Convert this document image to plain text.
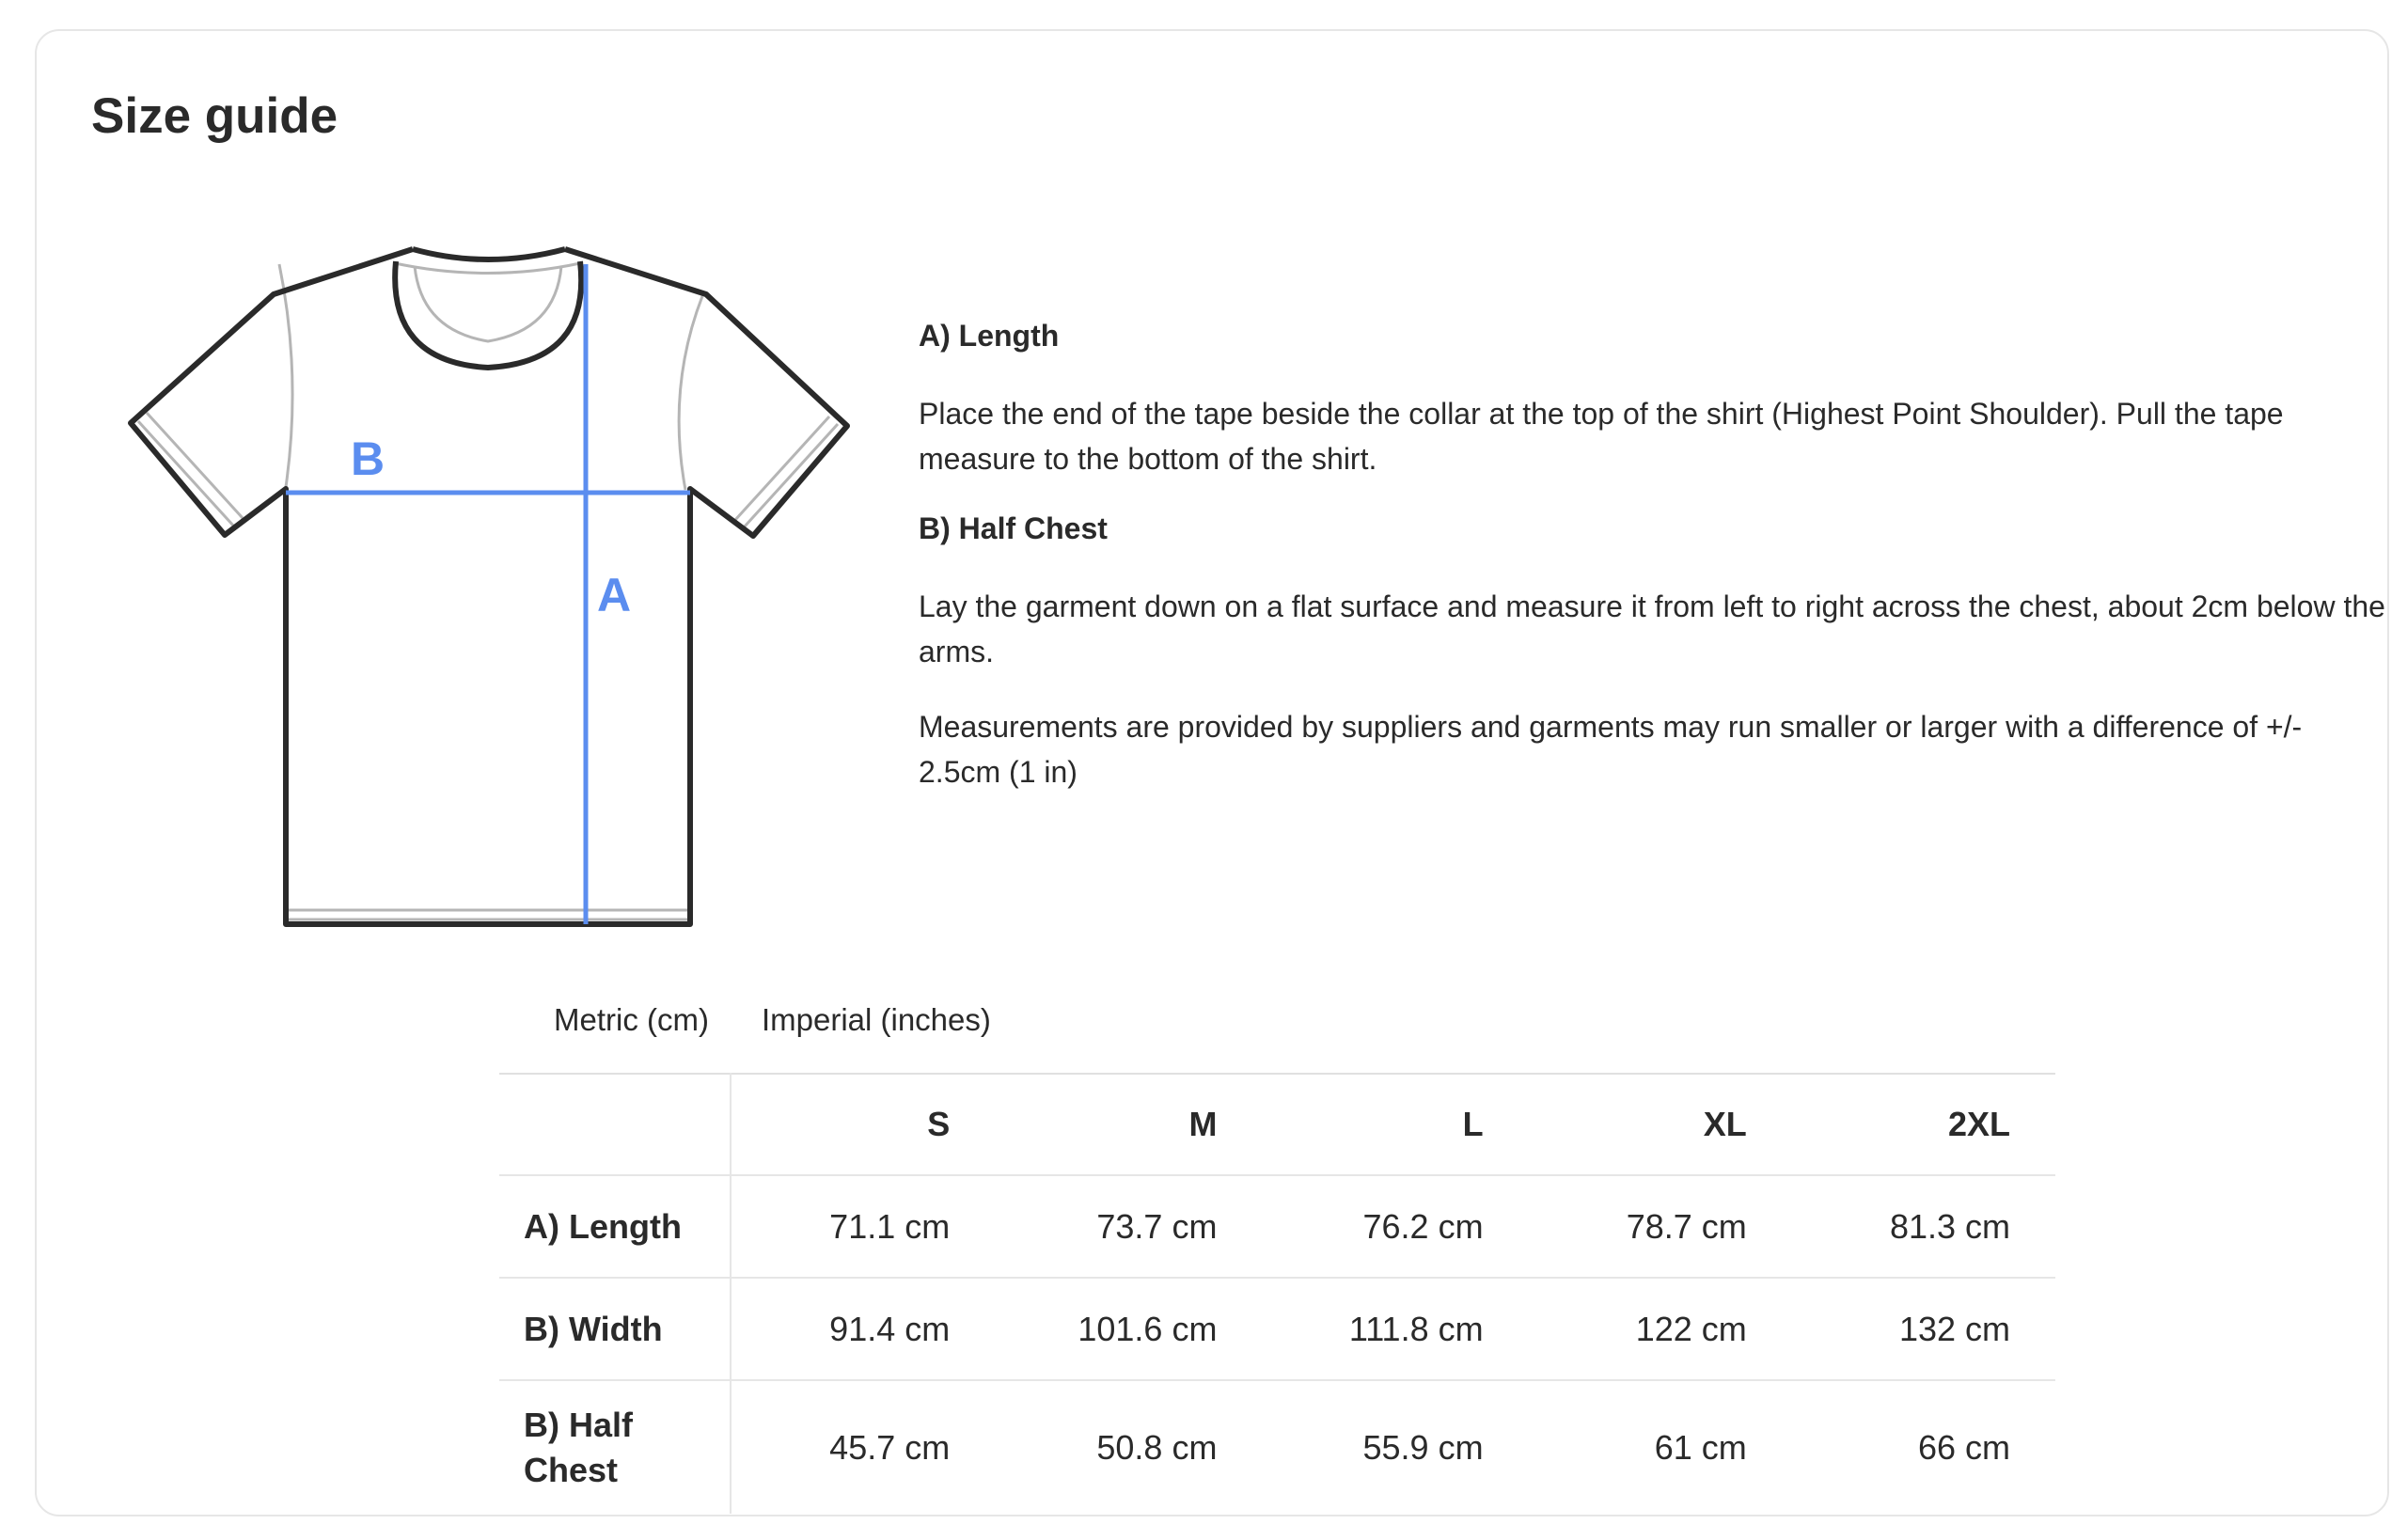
Size guide
B
A

A) Length

Place the end of the tape beside the collar at the top of the shirt (Highest Point Shoulder). Pull the tape measure to the bottom of the shirt.

B) Half Chest

Lay the garment down on a flat surface and measure it from left to right across the chest, about 2cm below the arms.

Measurements are provided by suppliers and garments may run smaller or larger with a difference of +/- 2.5cm (1 in)

Metric (cm)	Imperial (inches)
	S	M	L	XL	2XL
A) Length	71.1 cm	73.7 cm	76.2 cm	78.7 cm	81.3 cm
B) Width	91.4 cm	101.6 cm	111.8 cm	122 cm	132 cm
B) Half Chest	45.7 cm	50.8 cm	55.9 cm	61 cm	66 cm
